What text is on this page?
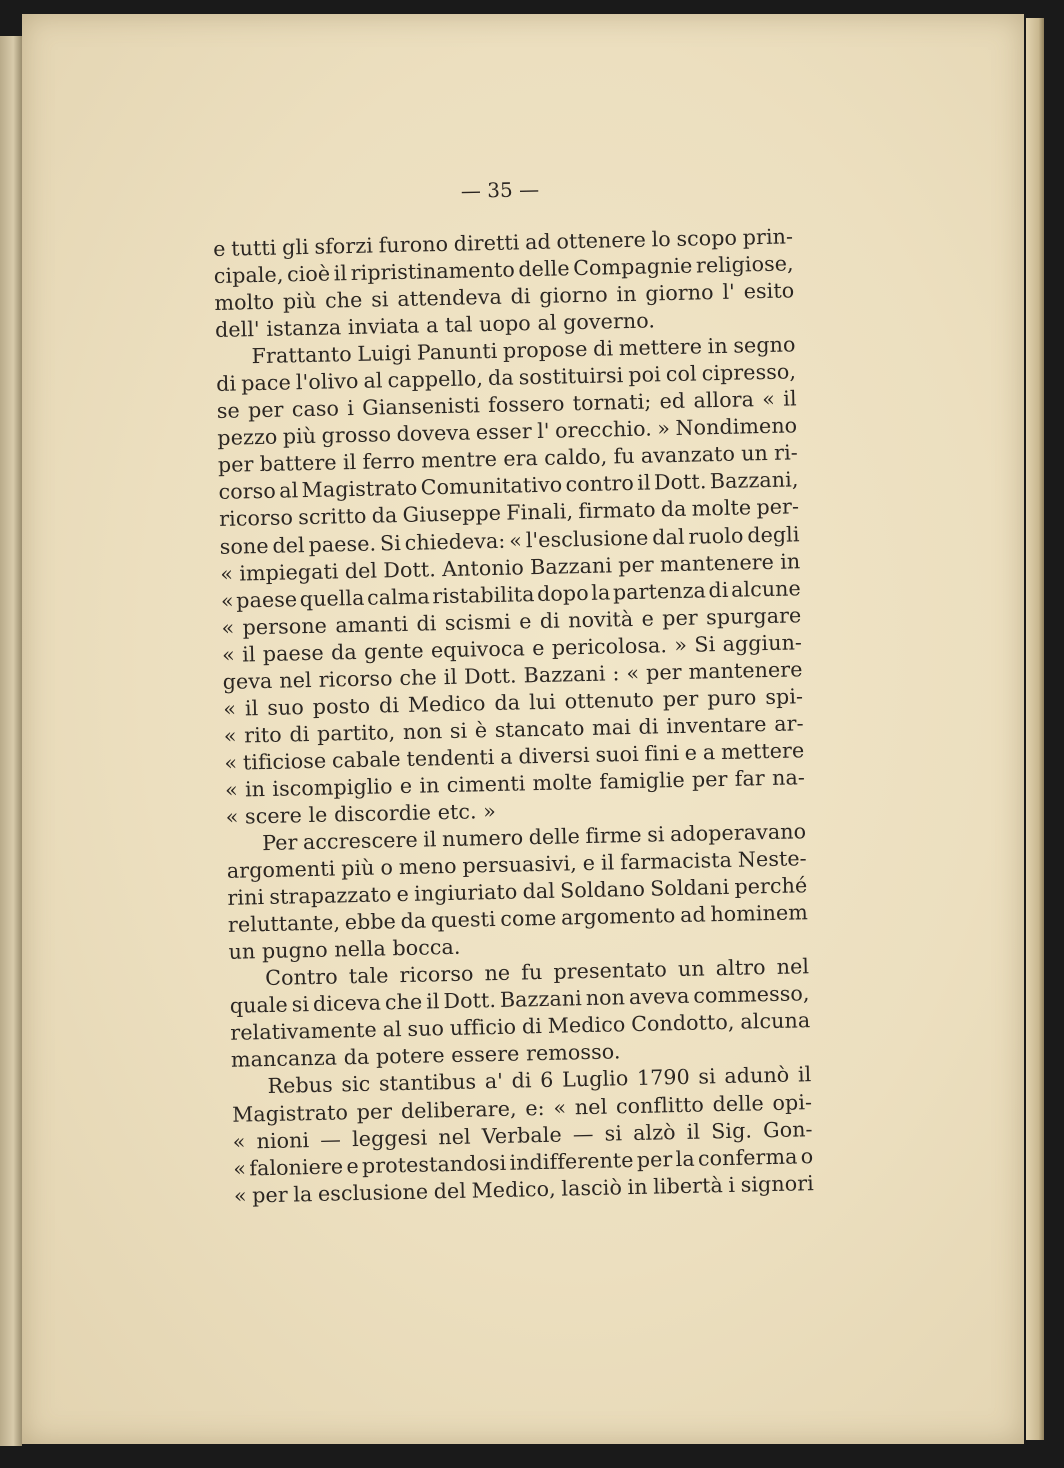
— 35 —
e tutti gli sforzi furono diretti ad ottenere lo scopo prin-
cipale, cioè il ripristinamento delle Compagnie religiose,
molto più che si attendeva di giorno in giorno l' esito
dell' istanza inviata a tal uopo al governo.
Frattanto Luigi Panunti propose di mettere in segno
di pace l'olivo al cappello, da sostituirsi poi col cipresso,
se per caso i Giansenisti fossero tornati; ed allora « il
pezzo più grosso doveva esser l' orecchio. » Nondimeno
per battere il ferro mentre era caldo, fu avanzato un ri-
corso al Magistrato Comunitativo contro il Dott. Bazzani,
ricorso scritto da Giuseppe Finali, firmato da molte per-
sone del paese. Si chiedeva: « l'esclusione dal ruolo degli
« impiegati del Dott. Antonio Bazzani per mantenere in
« paese quella calma ristabilita dopo la partenza di alcune
« persone amanti di scismi e di novità e per spurgare
« il paese da gente equivoca e pericolosa. » Si aggiun-
geva nel ricorso che il Dott. Bazzani : « per mantenere
« il suo posto di Medico da lui ottenuto per puro spi-
« rito di partito, non si è stancato mai di inventare ar-
« tificiose cabale tendenti a diversi suoi fini e a mettere
« in iscompiglio e in cimenti molte famiglie per far na-
« scere le discordie etc. »
Per accrescere il numero delle firme si adoperavano
argomenti più o meno persuasivi, e il farmacista Neste-
rini strapazzato e ingiuriato dal Soldano Soldani perché
reluttante, ebbe da questi come argomento ad hominem
un pugno nella bocca.
Contro tale ricorso ne fu presentato un altro nel
quale si diceva che il Dott. Bazzani non aveva commesso,
relativamente al suo ufficio di Medico Condotto, alcuna
mancanza da potere essere remosso.
Rebus sic stantibus a' di 6 Luglio 1790 si adunò il
Magistrato per deliberare, e: « nel conflitto delle opi-
« nioni — leggesi nel Verbale — si alzò il Sig. Gon-
« faloniere e protestandosi indifferente per la conferma o
« per la esclusione del Medico, lasciò in libertà i signori
